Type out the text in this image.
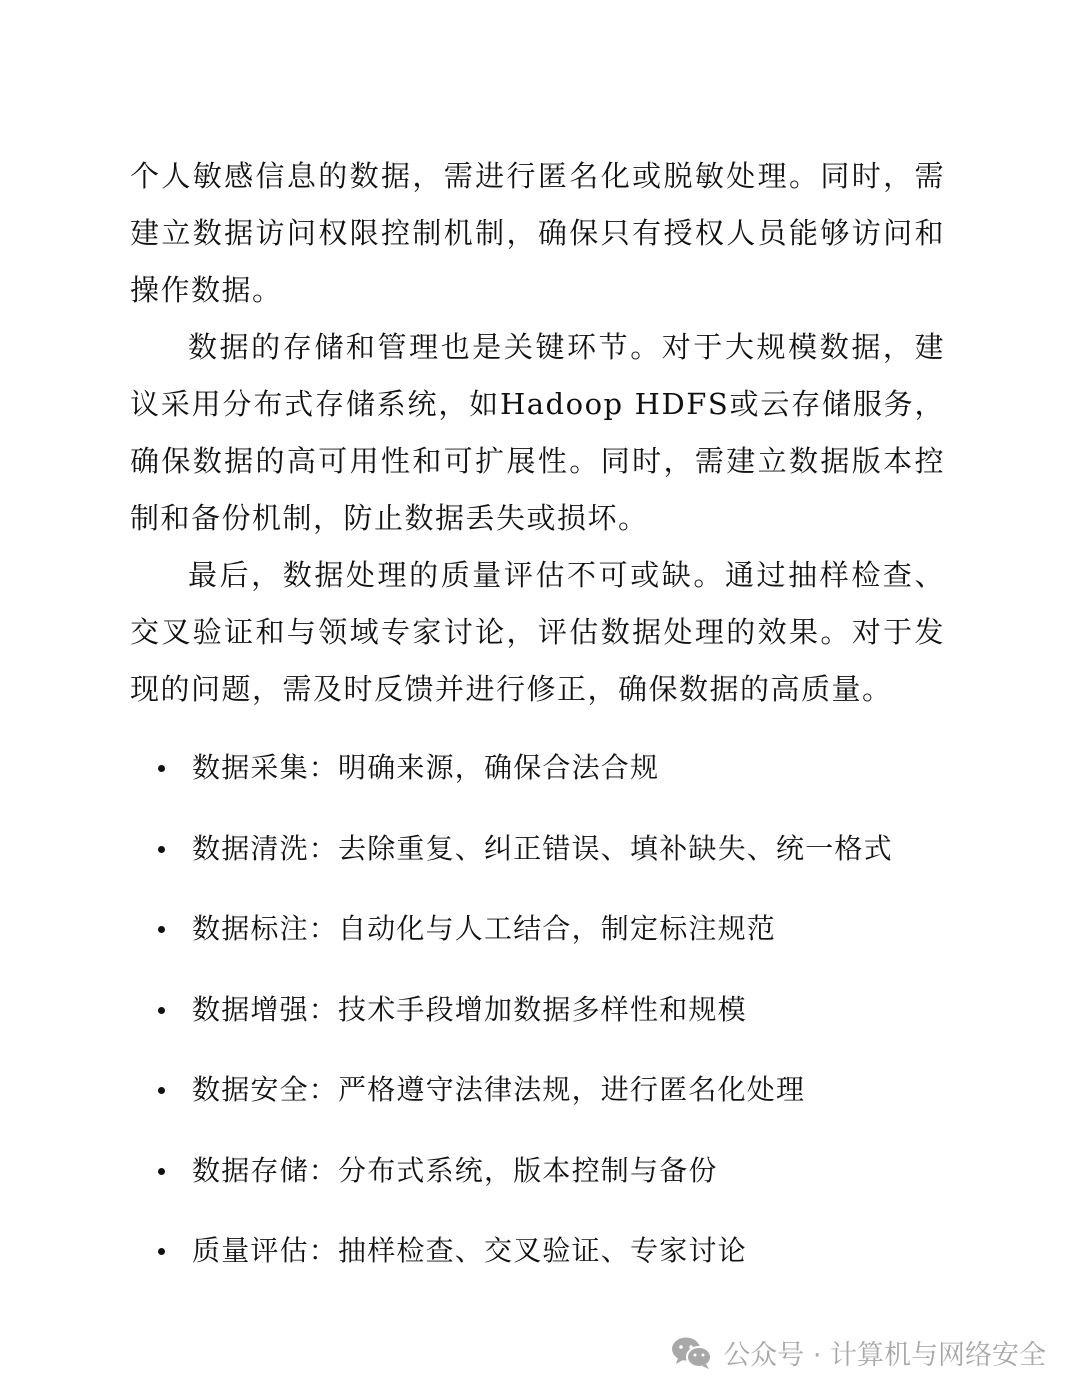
个人敏感信息的数据，需进行匿名化或脱敏处理。同时，需建立数据访问权限控制机制，确保只有授权人员能够访问和操作数据。

数据的存储和管理也是关键环节。对于大规模数据，建议采用分布式存储系统，如Hadoop HDFS或云存储服务，确保数据的高可用性和可扩展性。同时，需建立数据版本控制和备份机制，防止数据丢失或损坏。

最后，数据处理的质量评估不可或缺。通过抽样检查、交叉验证和与领域专家讨论，评估数据处理的效果。对于发现的问题，需及时反馈并进行修正，确保数据的高质量。

数据采集：明确来源，确保合法合规
数据清洗：去除重复、纠正错误、填补缺失、统一格式
数据标注：自动化与人工结合，制定标注规范
数据增强：技术手段增加数据多样性和规模
数据安全：严格遵守法律法规，进行匿名化处理
数据存储：分布式系统，版本控制与备份
质量评估：抽样检查、交叉验证、专家讨论
公众号 · 计算机与网络安全
